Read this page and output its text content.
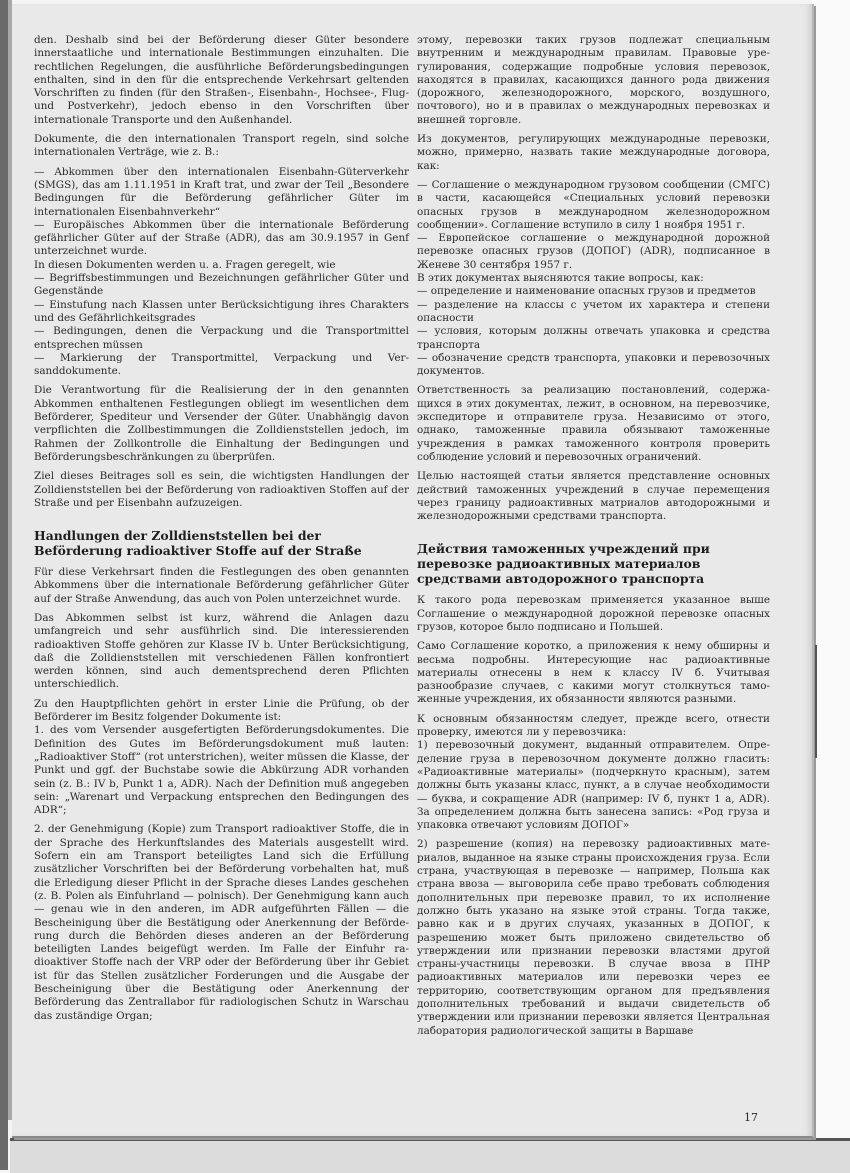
den. Deshalb sind bei der Beförderung dieser Güter besondere innerstaatliche und internationale Bestimmungen einzuhalten. Die rechtlichen Regelungen, die ausführliche Beförderungsbedingungen enthalten, sind in den für die entsprechende Verkehrsart geltenden Vorschriften zu finden (für den Straßen-, Eisenbahn-, Hochsee-, Flug- und Postverkehr), jedoch ebenso in den Vorschriften über internationale Transporte und den Außenhandel.

Dokumente, die den internationalen Transport regeln, sind solche internationalen Verträge, wie z. B.:

— Abkommen über den internationalen Eisenbahn-Güterverkehr (SMGS), das am 1.11.1951 in Kraft trat, und zwar der Teil „Besondere Bedingungen für die Beförderung gefährlicher Güter im internationalen Eisenbahnverkehr“

— Europäisches Abkommen über die internationale Beförderung gefährlicher Güter auf der Straße (ADR), das am 30.9.1957 in Genf unterzeichnet wurde.

In diesen Dokumenten werden u. a. Fragen geregelt, wie

— Begriffsbestimmungen und Bezeichnungen gefährlicher Güter und Gegenstände

— Einstufung nach Klassen unter Berücksichtigung ihres Charakters und des Gefährlichkeitsgrades

— Bedingungen, denen die Verpackung und die Transportmittel entsprechen müssen

— Markierung der Transportmittel, Verpackung und Versanddokumente.

Die Verantwortung für die Realisierung der in den genannten Abkommen enthaltenen Festlegungen obliegt im wesentlichen dem Beförderer, Spediteur und Versender der Güter. Unabhängig davon verpflichten die Zollbestimmungen die Zolldienststellen jedoch, im Rahmen der Zollkontrolle die Einhaltung der Bedingungen und Beförderungsbeschränkungen zu überprüfen.

Ziel dieses Beitrages soll es sein, die wichtigsten Handlungen der Zolldienststellen bei der Beförderung von radioaktiven Stoffen auf der Straße und per Eisenbahn aufzuzeigen.

Handlungen der Zolldienststellen bei der Beförderung radioaktiver Stoffe auf der Straße

Für diese Verkehrsart finden die Festlegungen des oben genannten Abkommens über die internationale Beförderung gefährlicher Güter auf der Straße Anwendung, das auch von Polen unterzeichnet wurde.

Das Abkommen selbst ist kurz, während die Anlagen dazu umfangreich und sehr ausführlich sind. Die interessierenden radioaktiven Stoffe gehören zur Klasse IV b. Unter Berücksichtigung, daß die Zolldienststellen mit verschiedenen Fällen konfrontiert werden können, sind auch dementsprechend deren Pflichten unterschiedlich.

Zu den Hauptpflichten gehört in erster Linie die Prüfung, ob der Beförderer im Besitz folgender Dokumente ist:

1. des vom Versender ausgefertigten Beförderungsdokumentes. Die Definition des Gutes im Beförderungsdokument muß lauten: „Radioaktiver Stoff“ (rot unterstrichen), weiter müssen die Klasse, der Punkt und ggf. der Buchstabe sowie die Abkürzung ADR vorhanden sein (z. B.: IV b, Punkt 1 a, ADR). Nach der Definition muß angegeben sein: „Warenart und Verpackung entsprechen den Bedingungen des ADR“;

2. der Genehmigung (Kopie) zum Transport radioaktiver Stoffe, die in der Sprache des Herkunftslandes des Materials ausgestellt wird. Sofern ein am Transport beteiligtes Land sich die Erfüllung zusätzlicher Vorschriften bei der Beförderung vorbehalten hat, muß die Erledigung dieser Pflicht in der Sprache dieses Landes geschehen (z. B. Polen als Einfuhrland — polnisch). Der Genehmigung kann auch — genau wie in den anderen, im ADR aufgeführten Fällen — die Bescheinigung über die Bestätigung oder Anerkennung der Beförderung durch die Behörden dieses anderen an der Beförderung beteiligten Landes beigefügt werden. Im Falle der Einfuhr radioaktiver Stoffe nach der VRP oder der Beförderung über ihr Gebiet ist für das Stellen zusätzlicher Forderungen und die Ausgabe der Bescheinigung über die Bestätigung oder Anerkennung der Beförderung das Zentrallabor für radiologischen Schutz in Warschau das zuständige Organ;

этому, перевозки таких грузов подлежат специальным внутренним и международным правилам. Правовые урегулирования, содержащие подробные условия перевозок, находятся в правилах, касающихся данного рода движения (дорожного, железнодорожного, морского, воздушного, почтового), но и в правилах о международных перевозках и внешней торговле.

Из документов, регулирующих международные перевозки, можно, примерно, назвать такие международные договора, как:

— Соглашение о международном грузовом сообщении (СМГС) в части, касающейся «Специальных условий перевозки опасных грузов в международном железнодорожном сообщении». Соглашение вступило в силу 1 ноября 1951 г.

— Европейское соглашение о международной дорожной перевозке опасных грузов (ДОПОГ) (ADR), подписанное в Женеве 30 сентября 1957 г.

В этих документах выясняются такие вопросы, как:

— определение и наименование опасных грузов и предметов

— разделение на классы с учетом их характера и степени опасности

— условия, которым должны отвечать упаковка и средства транспорта

— обозначение средств транспорта, упаковки и перевозочных документов.

Ответственность за реализацию постановлений, содержащихся в этих документах, лежит, в основном, на перевозчике, экспедиторе и отправителе груза. Независимо от этого, однако, таможенные правила обязывают таможенные учреждения в рамках таможенного контроля проверить соблюдение условий и перевозочных ограничений.

Целью настоящей статьи является представление основных действий таможенных учреждений в случае перемещения через границу радиоактивных матриалов автодорожными и железнодорожными средствами транспорта.

Действия таможенных учреждений при перевозке радиоактивных материалов средствами автодорожного транспорта

К такого рода перевозкам применяется указанное выше Соглашение о международной дорожной перевозке опасных грузов, которое было подписано и Польшей.

Само Соглашение коротко, а приложения к нему обширны и весьма подробны. Интересующие нас радиоактивные материалы отнесены в нем к классу IV б. Учитывая разнообразие случаев, с какими могут столкнуться таможенные учреждения, их обязанности являются разными.

К основным обязанностям следует, прежде всего, отнести проверку, имеются ли у перевозчика:

1) перевозочный документ, выданный отправителем. Определение груза в перевозочном документе должно гласить: «Радиоактивные материалы» (подчеркнуто красным), затем должны быть указаны класс, пункт, а в случае необходимости — буква, и сокращение ADR (например: IV б, пункт 1 а, ADR). За определением должна быть занесена запись: «Род груза и упаковка отвечают условиям ДОПОГ»

2) разрешение (копия) на перевозку радиоактивных материалов, выданное на языке страны происхождения груза. Если страна, участвующая в перевозке — например, Польша как страна ввоза — выговорила себе право требовать соблюдения дополнительных при перевозке правил, то их исполнение должно быть указано на языке этой страны. Тогда также, равно как и в других случаях, указанных в ДОПОГ, к разрешению может быть приложено свидетельство об утверждении или признании перевозки властями другой страны-участницы перевозки. В случае ввоза в ПНР радиоактивных материалов или перевозки через ее территорию, соответствующим органом для предъявления дополнительных требований и выдачи свидетельств об утверждении или признании перевозки является Центральная лаборатория радиологической защиты в Варшаве

17
